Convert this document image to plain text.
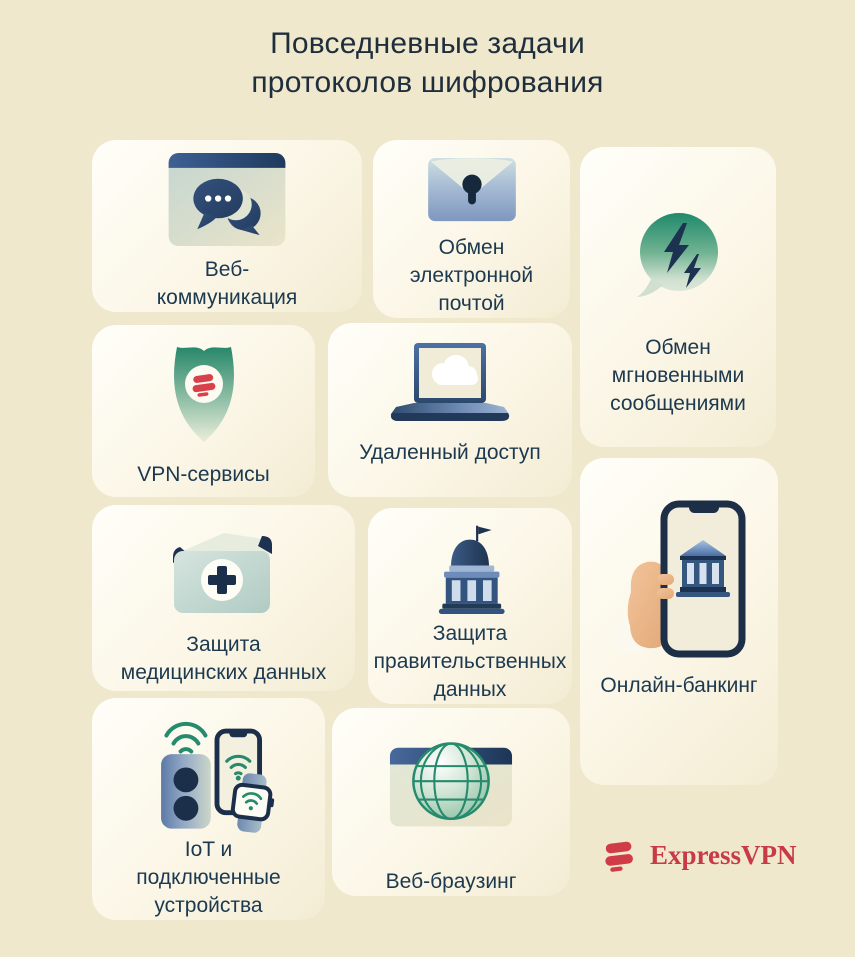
Повседневные задачи
протоколов шифрования
Веб-
коммуникация
Обмен
электронной
почтой
Обмен
мгновенными
сообщениями
VPN-сервисы
Удаленный доступ
Защита
медицинских данных
Защита
правительственных
данных	Онлайн-банкинг
IoT и
подключенные
устройства
Веб-браузинг
ExpressVPN
